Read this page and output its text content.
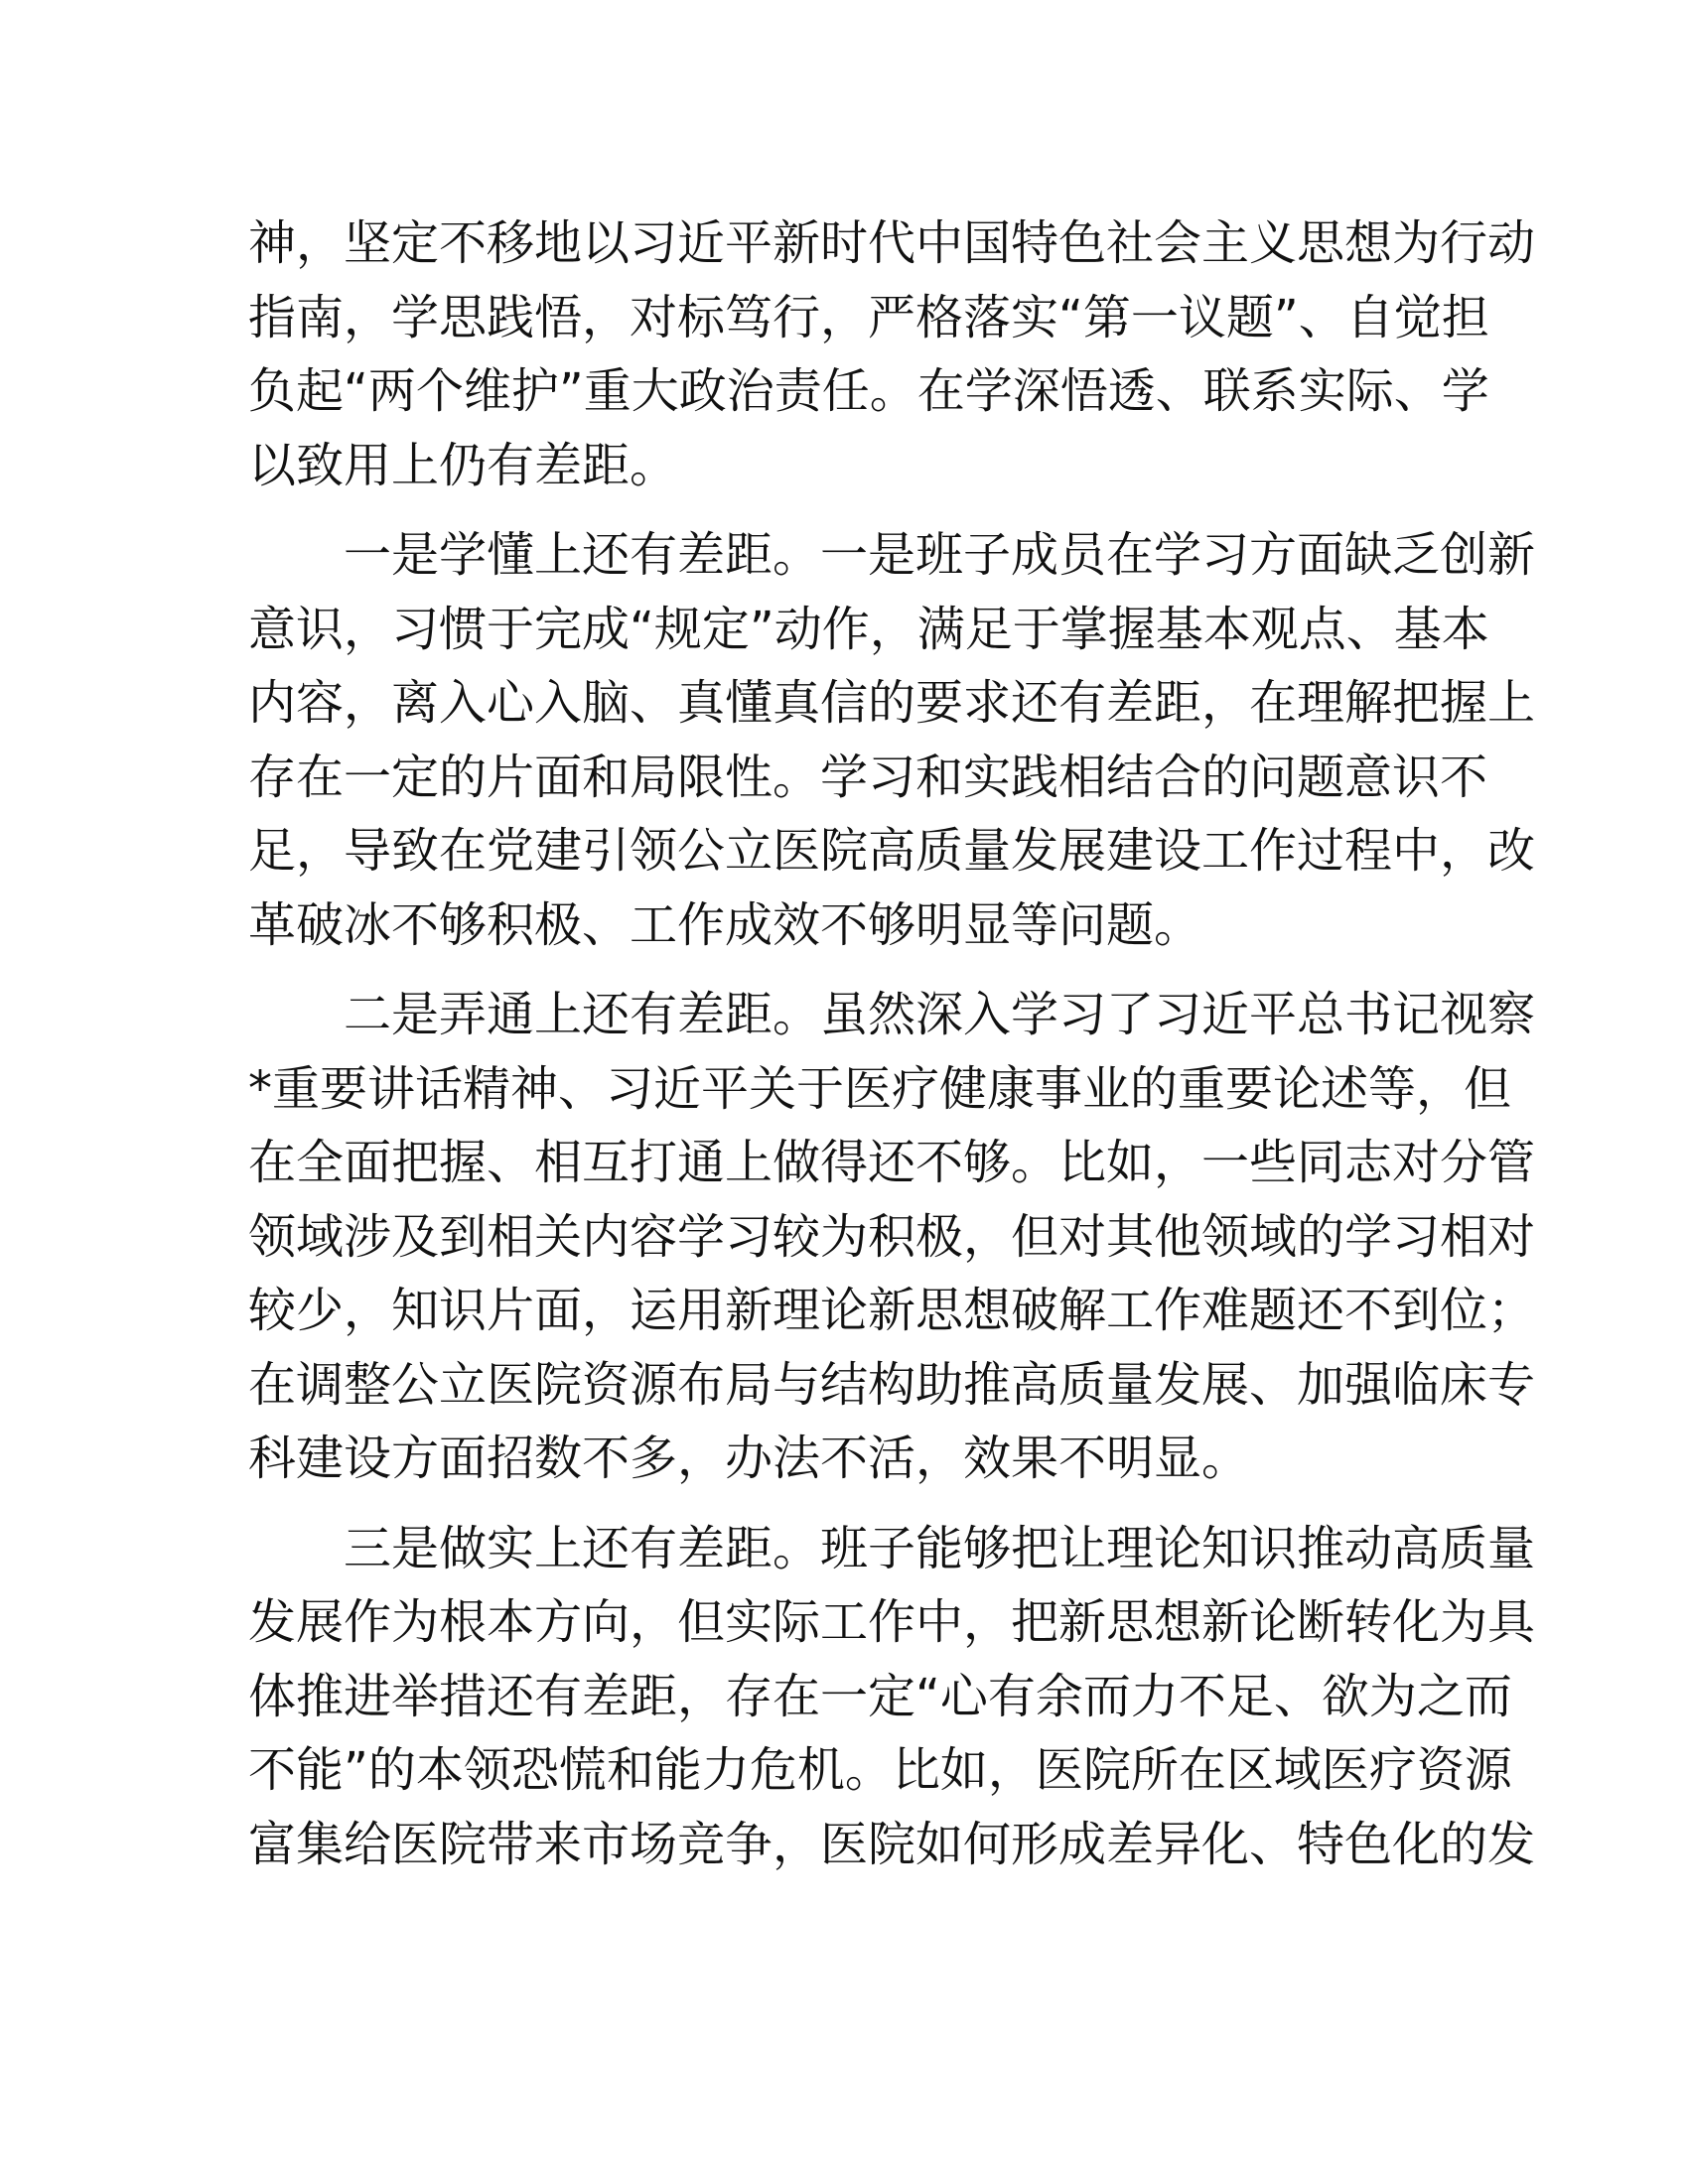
神，坚定不移地以习近平新时代中国特色社会主义思想为行动
指南，学思践悟，对标笃行，严格落实“第一议题”、自觉担
负起“两个维护”重大政治责任。在学深悟透、联系实际、学
以致用上仍有差距。
一是学懂上还有差距。一是班子成员在学习方面缺乏创新
意识，习惯于完成“规定”动作，满足于掌握基本观点、基本
内容，离入心入脑、真懂真信的要求还有差距，在理解把握上
存在一定的片面和局限性。学习和实践相结合的问题意识不
足，导致在党建引领公立医院高质量发展建设工作过程中，改
革破冰不够积极、工作成效不够明显等问题。
二是弄通上还有差距。虽然深入学习了习近平总书记视察
*重要讲话精神、习近平关于医疗健康事业的重要论述等，但
在全面把握、相互打通上做得还不够。比如，一些同志对分管
领域涉及到相关内容学习较为积极，但对其他领域的学习相对
较少，知识片面，运用新理论新思想破解工作难题还不到位；
在调整公立医院资源布局与结构助推高质量发展、加强临床专
科建设方面招数不多，办法不活，效果不明显。
三是做实上还有差距。班子能够把让理论知识推动高质量
发展作为根本方向，但实际工作中，把新思想新论断转化为具
体推进举措还有差距，存在一定“心有余而力不足、欲为之而
不能”的本领恐慌和能力危机。比如，医院所在区域医疗资源
富集给医院带来市场竞争，医院如何形成差异化、特色化的发
